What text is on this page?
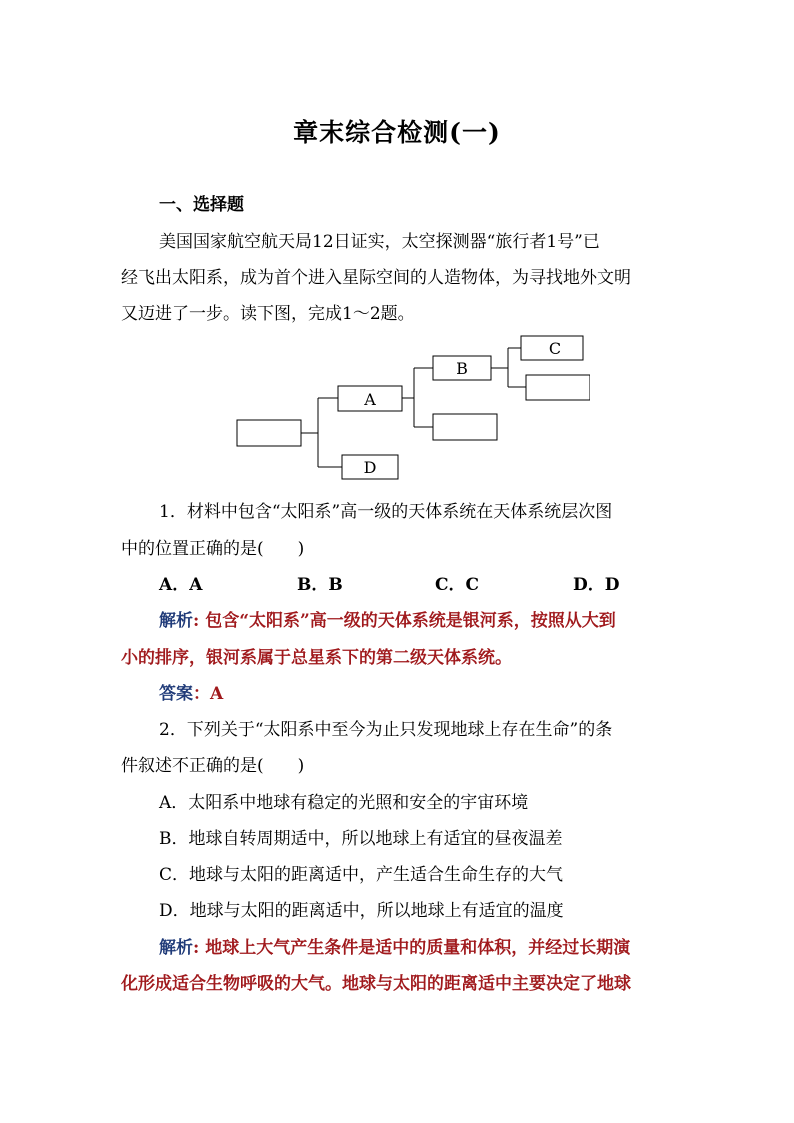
章末综合检测(一)
一、选择题
美国国家航空航天局12日证实，太空探测器“旅行者1号”已
经飞出太阳系，成为首个进入星际空间的人造物体，为寻找地外文明
又迈进了一步。读下图，完成1～2题。
A
D
B
C
1．材料中包含“太阳系”高一级的天体系统在天体系统层次图
中的位置正确的是(　　)
A．A	B．B	C．C	D．D
解析: 包含“太阳系”高一级的天体系统是银河系，按照从大到
小的排序，银河系属于总星系下的第二级天体系统。
答案：A
2．下列关于“太阳系中至今为止只发现地球上存在生命”的条
件叙述不正确的是(　　)
A．太阳系中地球有稳定的光照和安全的宇宙环境
B．地球自转周期适中，所以地球上有适宜的昼夜温差
C．地球与太阳的距离适中，产生适合生命生存的大气
D．地球与太阳的距离适中，所以地球上有适宜的温度
解析: 地球上大气产生条件是适中的质量和体积，并经过长期演
化形成适合生物呼吸的大气。地球与太阳的距离适中主要决定了地球
